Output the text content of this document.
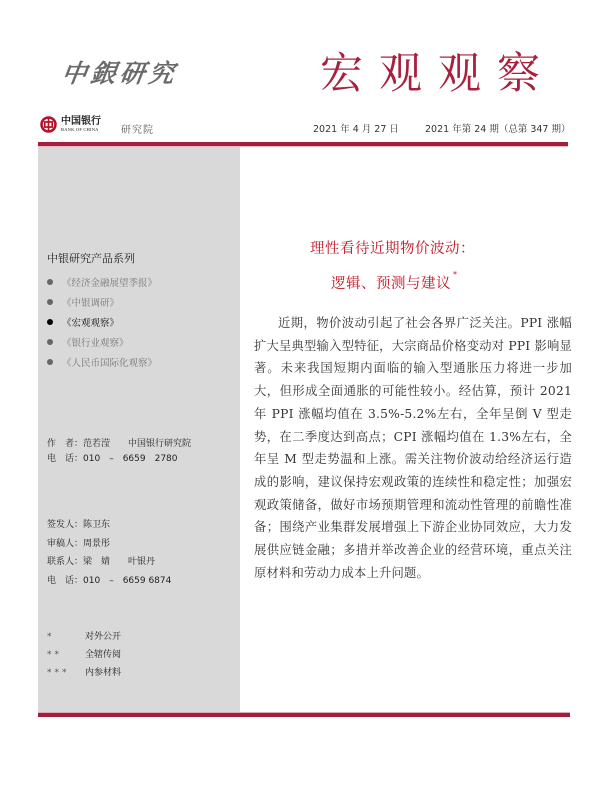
中銀研究	宏观观察
中国银行
BANK OF CHINA 研究院	2021 年 4 月 27 日	2021 年第 24 期（总第 347 期）
中银研究产品系列
《经济金融展望季报》
《中银调研》
《宏观观察》
《银行业观察》
《人民币国际化观察》
作　者： 范若滢 中国银行研究院
电　话： 010　–　6659　2780
签发人： 陈卫东
审稿人： 周景彤
联系人： 梁　婧　　叶银丹
电　话： 010　–　6659 6874
*	对外公开
**	全辖传阅
***	内参材料
理性看待近期物价波动：
逻辑、预测与建议*

近期，物价波动引起了社会各界广泛关注。PPI 涨幅扩大呈典型输入型特征，大宗商品价格变动对 PPI 影响显著。未来我国短期内面临的输入型通胀压力将进一步加大，但形成全面通胀的可能性较小。经估算，预计 2021 年 PPI 涨幅均值在 3.5%-5.2%左右，全年呈倒 V 型走势，在二季度达到高点；CPI 涨幅均值在 1.3%左右，全年呈 M 型走势温和上涨。需关注物价波动给经济运行造成的影响，建议保持宏观政策的连续性和稳定性；加强宏观政策储备，做好市场预期管理和流动性管理的前瞻性准备；围绕产业集群发展增强上下游企业协同效应，大力发展供应链金融；多措并举改善企业的经营环境，重点关注原材料和劳动力成本上升问题。
